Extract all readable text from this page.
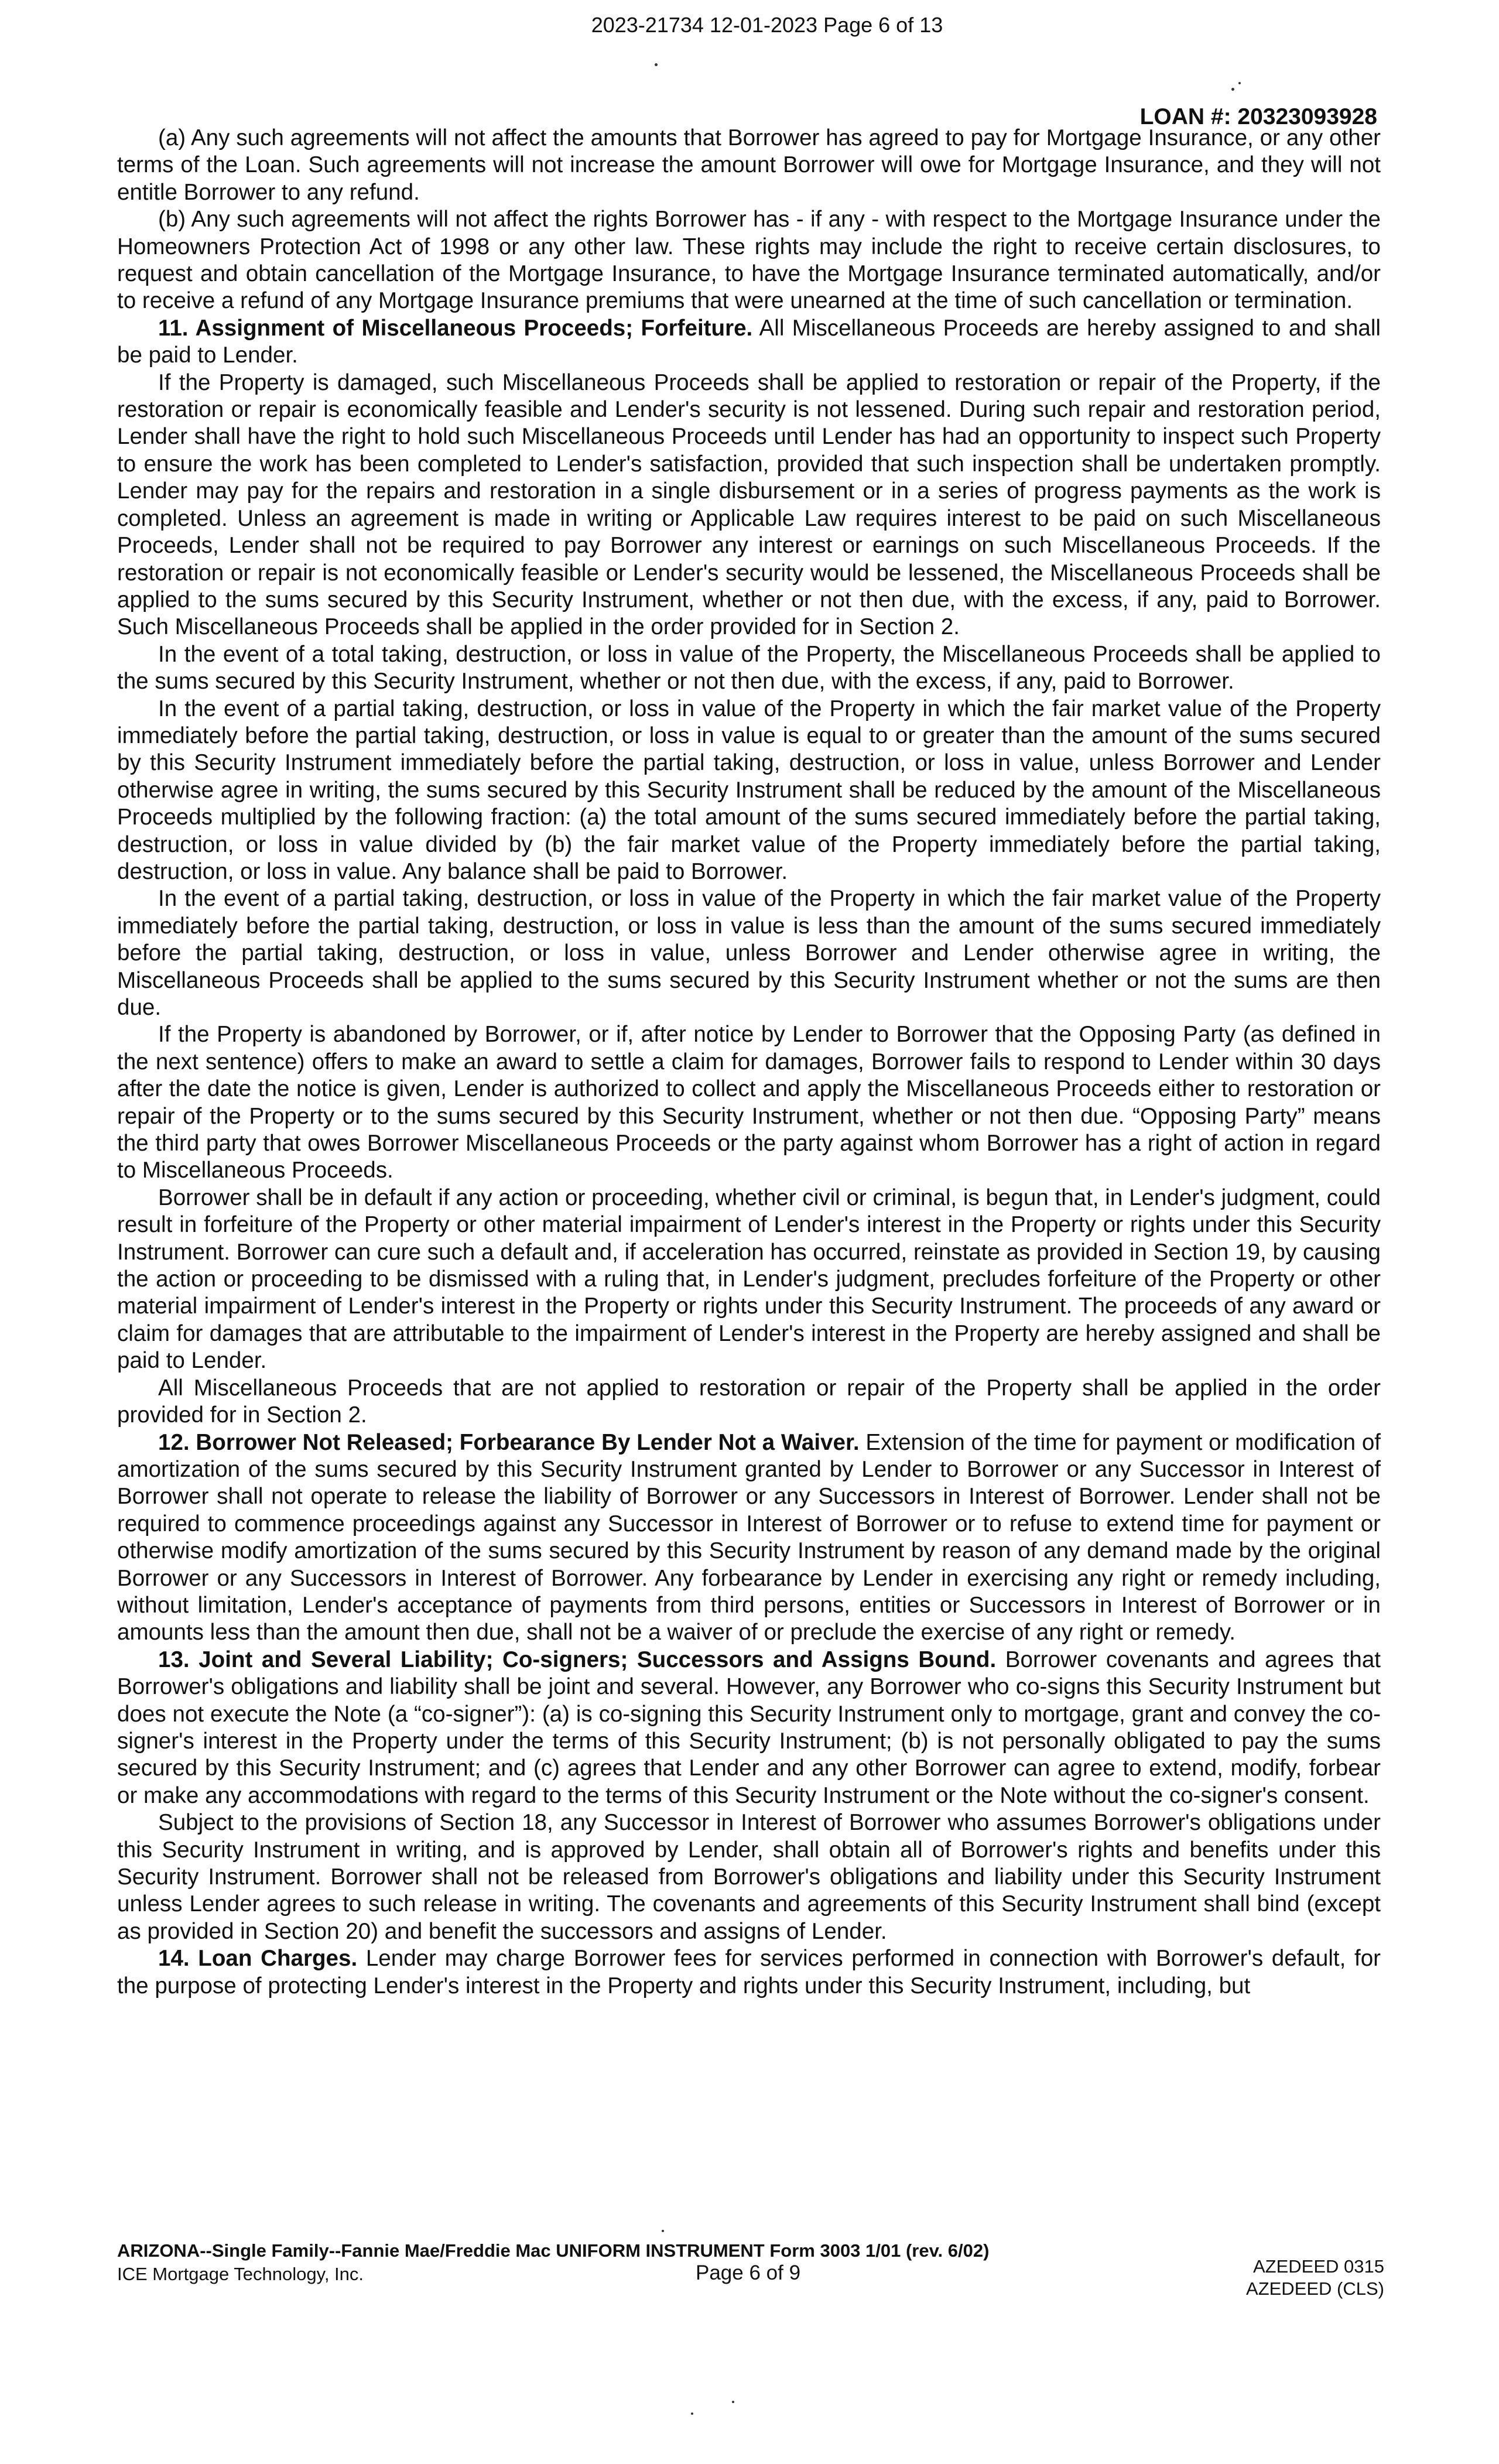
2023-21734 12-01-2023 Page 6 of 13
LOAN #: 20323093928

(a) Any such agreements will not affect the amounts that Borrower has agreed to pay for Mortgage Insurance, or any other terms of the Loan. Such agreements will not increase the amount Borrower will owe for Mortgage Insurance, and they will not entitle Borrower to any refund.

(b) Any such agreements will not affect the rights Borrower has - if any - with respect to the Mortgage Insurance under the Homeowners Protection Act of 1998 or any other law. These rights may include the right to receive certain disclosures, to request and obtain cancellation of the Mortgage Insurance, to have the Mortgage Insurance terminated automatically, and/or to receive a refund of any Mortgage Insurance premiums that were unearned at the time of such cancellation or termination.

11. Assignment of Miscellaneous Proceeds; Forfeiture. All Miscellaneous Proceeds are hereby assigned to and shall be paid to Lender.

If the Property is damaged, such Miscellaneous Proceeds shall be applied to restoration or repair of the Property, if the restoration or repair is economically feasible and Lender's security is not lessened. During such repair and restoration period, Lender shall have the right to hold such Miscellaneous Proceeds until Lender has had an opportunity to inspect such Property to ensure the work has been completed to Lender's satisfaction, provided that such inspection shall be undertaken promptly. Lender may pay for the repairs and restoration in a single disbursement or in a series of progress payments as the work is completed. Unless an agreement is made in writing or Applicable Law requires interest to be paid on such Miscellaneous Proceeds, Lender shall not be required to pay Borrower any interest or earnings on such Miscellaneous Proceeds. If the restoration or repair is not economically feasible or Lender's security would be lessened, the Miscellaneous Proceeds shall be applied to the sums secured by this Security Instrument, whether or not then due, with the excess, if any, paid to Borrower. Such Miscellaneous Proceeds shall be applied in the order provided for in Section 2.

In the event of a total taking, destruction, or loss in value of the Property, the Miscellaneous Proceeds shall be applied to the sums secured by this Security Instrument, whether or not then due, with the excess, if any, paid to Borrower.

In the event of a partial taking, destruction, or loss in value of the Property in which the fair market value of the Property immediately before the partial taking, destruction, or loss in value is equal to or greater than the amount of the sums secured by this Security Instrument immediately before the partial taking, destruction, or loss in value, unless Borrower and Lender otherwise agree in writing, the sums secured by this Security Instrument shall be reduced by the amount of the Miscellaneous Proceeds multiplied by the following fraction: (a) the total amount of the sums secured immediately before the partial taking, destruction, or loss in value divided by (b) the fair market value of the Property immediately before the partial taking, destruction, or loss in value. Any balance shall be paid to Borrower.

In the event of a partial taking, destruction, or loss in value of the Property in which the fair market value of the Property immediately before the partial taking, destruction, or loss in value is less than the amount of the sums secured immediately before the partial taking, destruction, or loss in value, unless Borrower and Lender otherwise agree in writing, the Miscellaneous Proceeds shall be applied to the sums secured by this Security Instrument whether or not the sums are then due.

If the Property is abandoned by Borrower, or if, after notice by Lender to Borrower that the Opposing Party (as defined in the next sentence) offers to make an award to settle a claim for damages, Borrower fails to respond to Lender within 30 days after the date the notice is given, Lender is authorized to collect and apply the Miscellaneous Proceeds either to restoration or repair of the Property or to the sums secured by this Security Instrument, whether or not then due. “Opposing Party” means the third party that owes Borrower Miscellaneous Proceeds or the party against whom Borrower has a right of action in regard to Miscellaneous Proceeds.

Borrower shall be in default if any action or proceeding, whether civil or criminal, is begun that, in Lender's judgment, could result in forfeiture of the Property or other material impairment of Lender's interest in the Property or rights under this Security Instrument. Borrower can cure such a default and, if acceleration has occurred, reinstate as provided in Section 19, by causing the action or proceeding to be dismissed with a ruling that, in Lender's judgment, precludes forfeiture of the Property or other material impairment of Lender's interest in the Property or rights under this Security Instrument. The proceeds of any award or claim for damages that are attributable to the impairment of Lender's interest in the Property are hereby assigned and shall be paid to Lender.

All Miscellaneous Proceeds that are not applied to restoration or repair of the Property shall be applied in the order provided for in Section 2.

12. Borrower Not Released; Forbearance By Lender Not a Waiver. Extension of the time for payment or modification of amortization of the sums secured by this Security Instrument granted by Lender to Borrower or any Successor in Interest of Borrower shall not operate to release the liability of Borrower or any Successors in Interest of Borrower. Lender shall not be required to commence proceedings against any Successor in Interest of Borrower or to refuse to extend time for payment or otherwise modify amortization of the sums secured by this Security Instrument by reason of any demand made by the original Borrower or any Successors in Interest of Borrower. Any forbearance by Lender in exercising any right or remedy including, without limitation, Lender's acceptance of payments from third persons, entities or Successors in Interest of Borrower or in amounts less than the amount then due, shall not be a waiver of or preclude the exercise of any right or remedy.

13. Joint and Several Liability; Co-signers; Successors and Assigns Bound. Borrower covenants and agrees that Borrower's obligations and liability shall be joint and several. However, any Borrower who co-signs this Security Instrument but does not execute the Note (a “co-signer”): (a) is co-signing this Security Instrument only to mortgage, grant and convey the co-signer's interest in the Property under the terms of this Security Instrument; (b) is not personally obligated to pay the sums secured by this Security Instrument; and (c) agrees that Lender and any other Borrower can agree to extend, modify, forbear or make any accommodations with regard to the terms of this Security Instrument or the Note without the co-signer's consent.

Subject to the provisions of Section 18, any Successor in Interest of Borrower who assumes Borrower's obligations under this Security Instrument in writing, and is approved by Lender, shall obtain all of Borrower's rights and benefits under this Security Instrument. Borrower shall not be released from Borrower's obligations and liability under this Security Instrument unless Lender agrees to such release in writing. The covenants and agreements of this Security Instrument shall bind (except as provided in Section 20) and benefit the successors and assigns of Lender.

14. Loan Charges. Lender may charge Borrower fees for services performed in connection with Borrower's default, for the purpose of protecting Lender's interest in the Property and rights under this Security Instrument, including, but

ARIZONA--Single Family--Fannie Mae/Freddie Mac UNIFORM INSTRUMENT Form 3003 1/01 (rev. 6/02)
ICE Mortgage Technology, Inc.	Page 6 of 9	AZEDEED 0315
AZEDEED (CLS)
